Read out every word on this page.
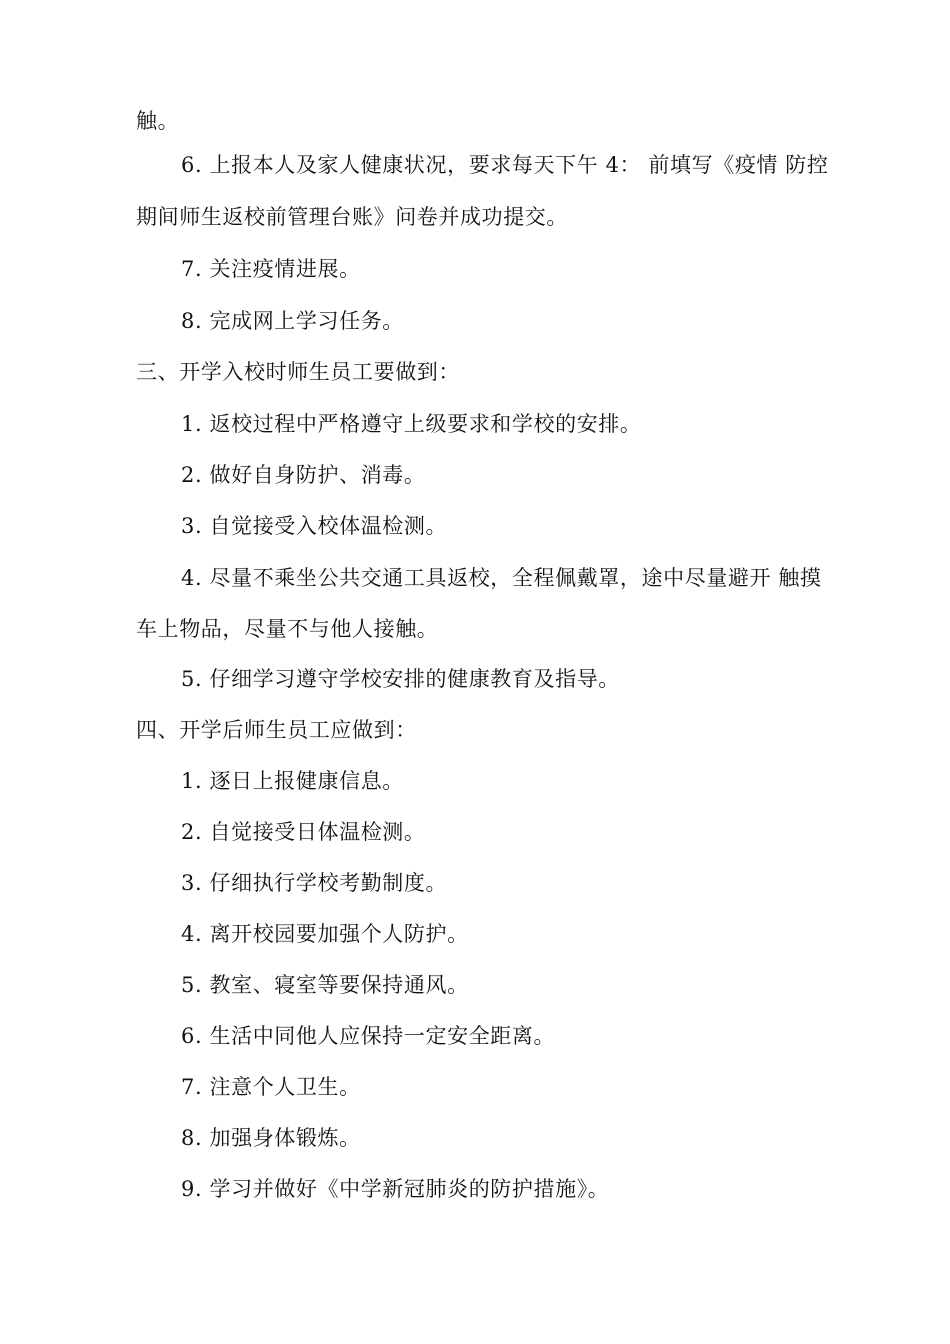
触。
6. 上报本人及家人健康状况，要求每天下午 4： 前填写《疫情 防控
期间师生返校前管理台账》问卷并成功提交。
7. 关注疫情进展。
8. 完成网上学习任务。
三、开学入校时师生员工要做到：
1. 返校过程中严格遵守上级要求和学校的安排。
2. 做好自身防护、消毒。
3. 自觉接受入校体温检测。
4. 尽量不乘坐公共交通工具返校，全程佩戴罩，途中尽量避开 触摸
车上物品，尽量不与他人接触。
5. 仔细学习遵守学校安排的健康教育及指导。
四、开学后师生员工应做到：
1. 逐日上报健康信息。
2. 自觉接受日体温检测。
3. 仔细执行学校考勤制度。
4. 离开校园要加强个人防护。
5. 教室、寝室等要保持通风。
6. 生活中同他人应保持一定安全距离。
7. 注意个人卫生。
8. 加强身体锻炼。
9. 学习并做好《中学新冠肺炎的防护措施》。
